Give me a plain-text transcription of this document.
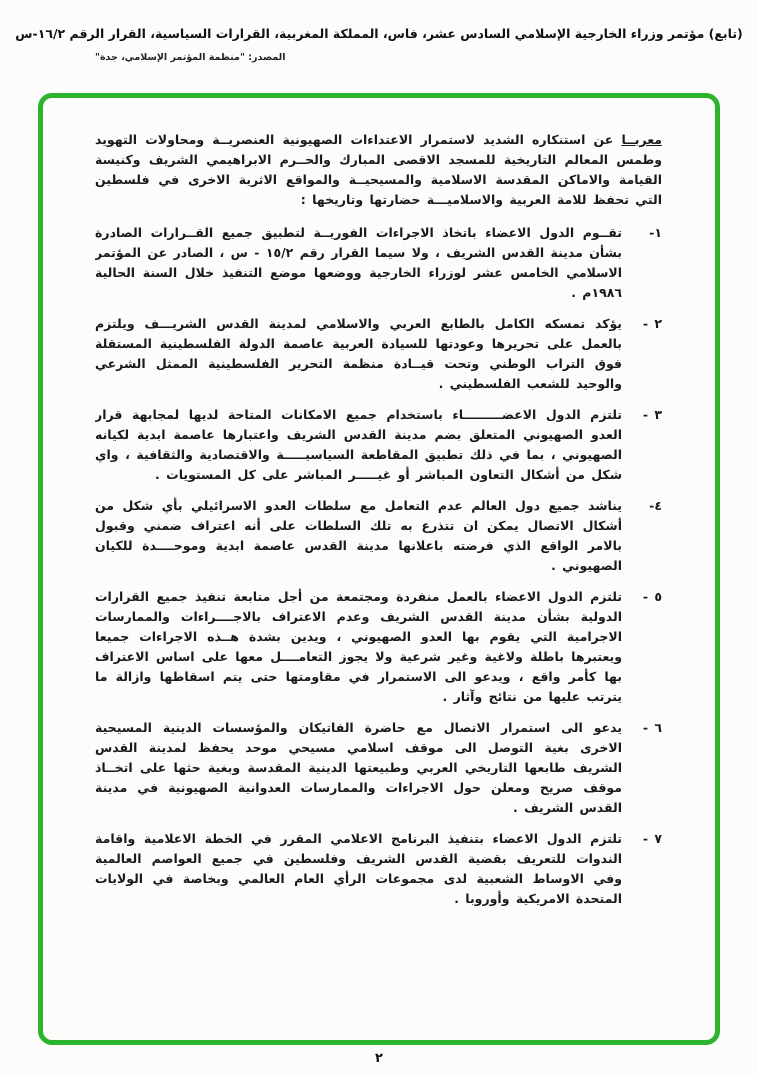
(تابع) مؤتمر وزراء الخارجية الإسلامي السادس عشر، فاس، المملكة المغربية، القرارات السياسية، القرار الرقم ١٦/٢-س
المصدر: "منظمة المؤتمر الإسلامي، جدة"

معربــا عن استنكاره الشديد لاستمرار الاعتداءات الصهيونية العنصريــة ومحاولات التهويد وطمس المعالم التاريخية للمسجد الاقصى المبارك والحــرم الابراهيمي الشريف وكنيسة القيامة والاماكن المقدسة الاسلامية والمسيحيــة والمواقع الاثرية الاخرى في فلسطين التي تحفظ للامة العربية والاسلاميـــة حضارتها وتاريخها :

١-
تقــوم الدول الاعضاء باتخاذ الاجراءات الفوريــة لتطبيق جميع القــرارات الصادرة بشأن مدينة القدس الشريف ، ولا سيما القرار رقم ١٥/٢ - س ، الصادر عن المؤتمر الاسلامي الخامس عشر لوزراء الخارجية ووضعها موضع التنفيذ خلال السنة الحالية ١٩٨٦م .
٢ -
يؤكد تمسكه الكامل بالطابع العربي والاسلامي لمدينة القدس الشريـــف ويلتزم بالعمل على تحريرها وعودتها للسيادة العربية عاصمة الدولة الفلسطينية المستقلة فوق التراب الوطني وتحت قيــادة منظمة التحرير الفلسطينية الممثل الشرعي والوحيد للشعب الفلسطيني .
٣ -
تلتزم الدول الاعضـــــــــاء باستخدام جميع الامكانات المتاحة لديها لمجابهة قرار العدو الصهيوني المتعلق بضم مدينة القدس الشريف واعتبارها عاصمة ابدية لكيانه الصهيوني ، بما في ذلك تطبيق المقاطعة السياسيـــــة والاقتصادية والثقافية ، واي شكل من أشكال التعاون المباشر أو غيـــــر المباشر على كل المستويات .
٤-
يناشد جميع دول العالم عدم التعامل مع سلطات العدو الاسرائيلي بأي شكل من أشكال الاتصال يمكن ان تتذرع به تلك السلطات على أنه اعتراف ضمني وقبول بالامر الواقع الذي فرضته باعلانها مدينة القدس عاصمة ابدية وموحــــدة للكيان الصهيوني .
٥ -
تلتزم الدول الاعضاء بالعمل منفردة ومجتمعة من أجل متابعة تنفيذ جميع القرارات الدولية بشأن مدينة القدس الشريف وعدم الاعتراف بالاجــــراءات والممارسات الاجرامية التي يقوم بها العدو الصهيوني ، ويدين بشدة هــذه الاجراءات جميعا ويعتبرها باطلة ولاغية وغير شرعية ولا يجوز التعامــــل معها على اساس الاعتراف بها كأمر واقع ، ويدعو الى الاستمرار في مقاومتها حتى يتم اسقاطها وازالة ما يترتب عليها من نتائج وآثار .
٦ -
يدعو الى استمرار الاتصال مع حاضرة الفاتيكان والمؤسسات الدينية المسيحية الاخرى بغية التوصل الى موقف اسلامي مسيحي موحد يحفظ لمدينة القدس الشريف طابعها التاريخي العربي وطبيعتها الدينية المقدسة وبغية حثها على اتخــاذ موقف صريح ومعلن حول الاجراءات والممارسات العدوانية الصهيونية في مدينة القدس الشريف .
٧ -
تلتزم الدول الاعضاء بتنفيذ البرنامج الاعلامي المقرر في الخطة الاعلامية واقامة الندوات للتعريف بقضية القدس الشريف وفلسطين في جميع العواصم العالمية وفي الاوساط الشعبية لدى مجموعات الرأي العام العالمي وبخاصة في الولايات المتحدة الامريكية وأوروبا .
٢
